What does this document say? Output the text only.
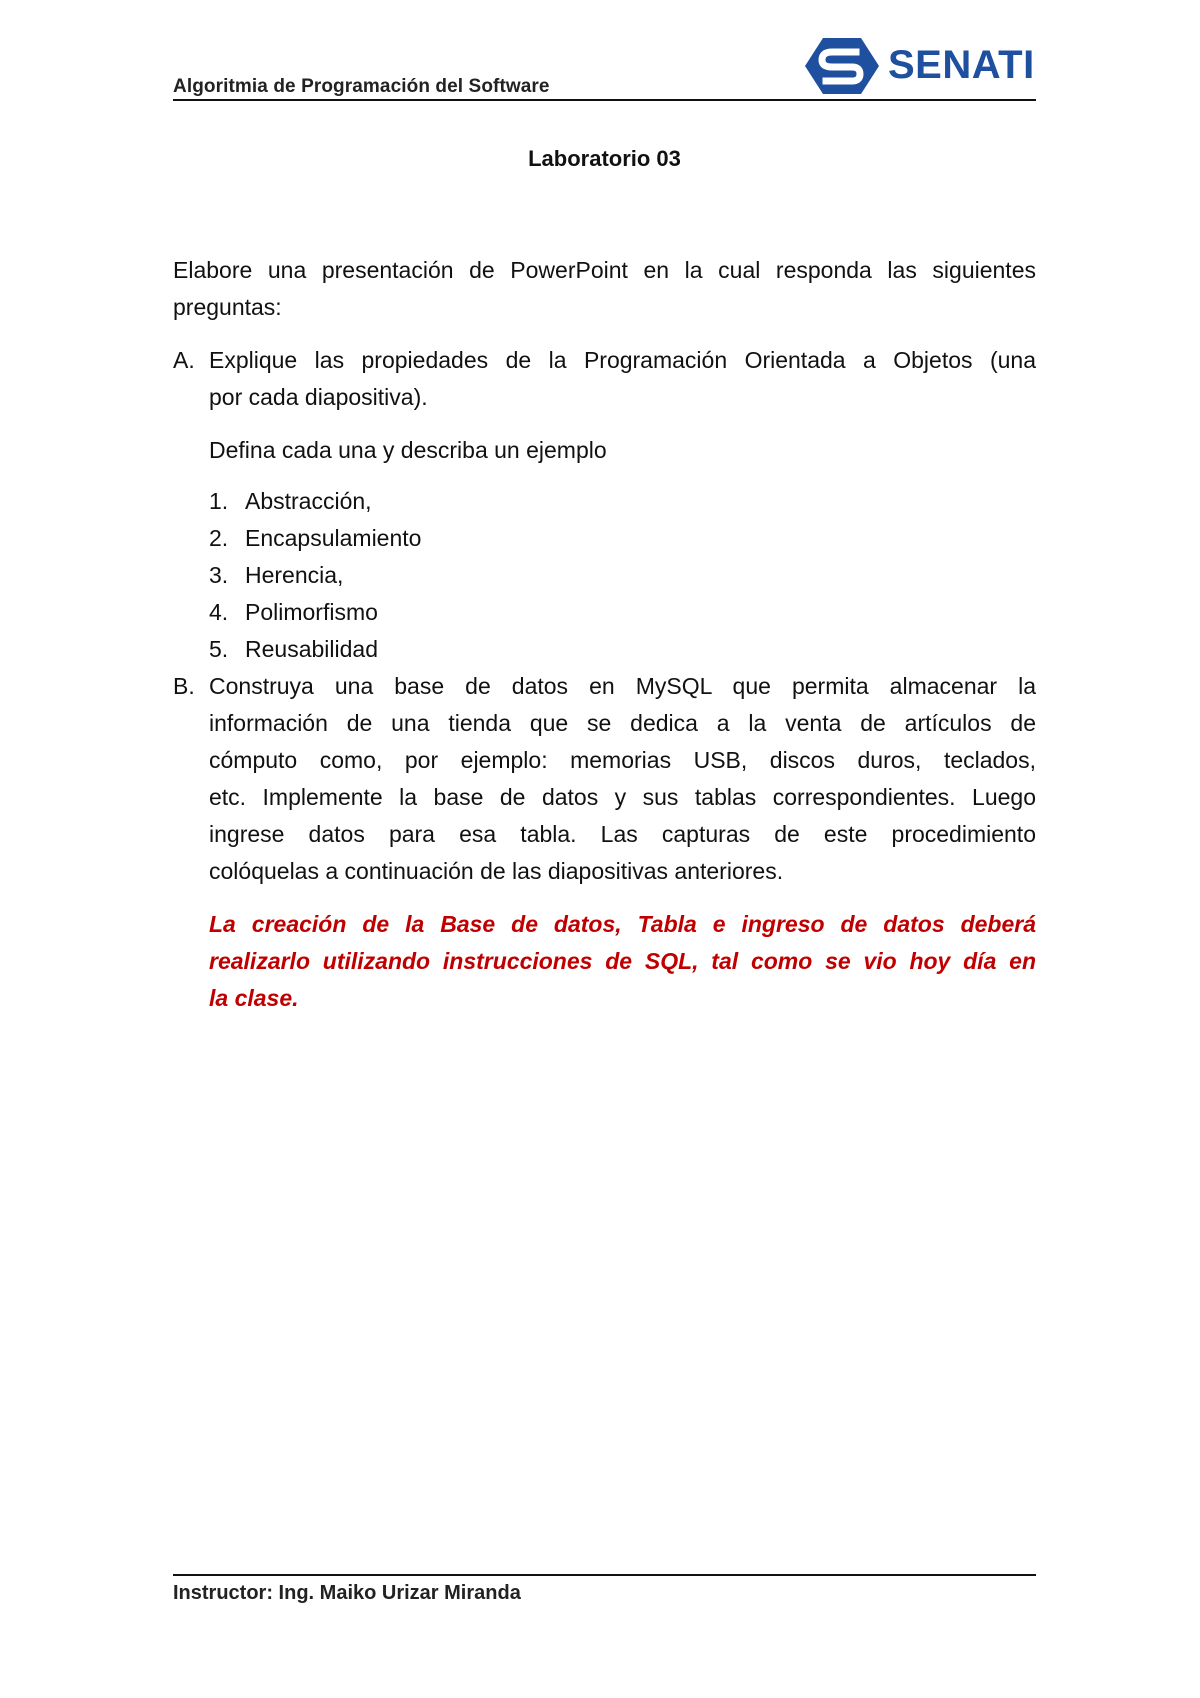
Algoritmia de Programación del Software	SENATI
Laboratorio 03
Elabore una presentación de PowerPoint en la cual responda las siguientes
preguntas:
A. Explique las propiedades de la Programación Orientada a Objetos (una
por cada diapositiva).
Defina cada una y describa un ejemplo
1. Abstracción,
2. Encapsulamiento
3. Herencia,
4. Polimorfismo
5. Reusabilidad
B. Construya una base de datos en MySQL que permita almacenar la
información de una tienda que se dedica a la venta de artículos de
cómputo como, por ejemplo: memorias USB, discos duros, teclados,
etc. Implemente la base de datos y sus tablas correspondientes. Luego
ingrese datos para esa tabla. Las capturas de este procedimiento
colóquelas a continuación de las diapositivas anteriores.
La creación de la Base de datos, Tabla e ingreso de datos deberá
realizarlo utilizando instrucciones de SQL, tal como se vio hoy día en
la clase.
Instructor: Ing. Maiko Urizar Miranda
